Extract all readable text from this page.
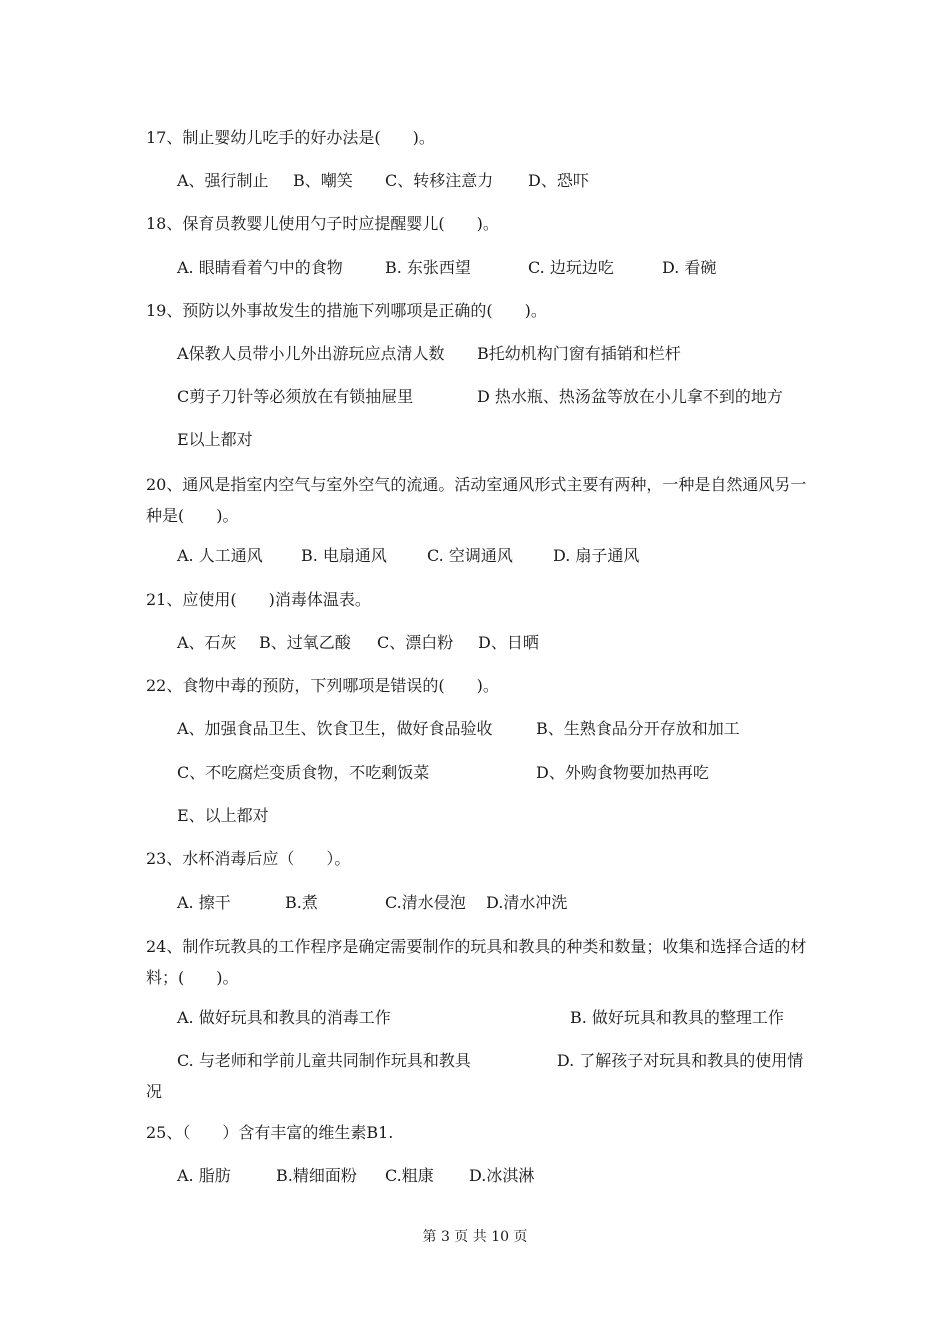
17、制止婴幼儿吃手的好办法是(　　)。
A、强行制止 B、嘲笑 C、转移注意力 D、恐吓
18、保育员教婴儿使用勺子时应提醒婴儿(　　)。
A. 眼睛看着勺中的食物	B. 东张西望	C. 边玩边吃	D. 看碗
19、预防以外事故发生的措施下列哪项是正确的(　　)。
A保教人员带小儿外出游玩应点清人数 B托幼机构门窗有插销和栏杆
C剪子刀针等必须放在有锁抽屉里	D 热水瓶、热汤盆等放在小儿拿不到的地方
E以上都对
20、通风是指室内空气与室外空气的流通。活动室通风形式主要有两种，一种是自然通风另一种是(　　)。
A. 人工通风 B. 电扇通风	C. 空调通风	D. 扇子通风
21、应使用(　　)消毒体温表。
A、石灰 B、过氧乙酸 C、漂白粉 D、日晒
22、食物中毒的预防，下列哪项是错误的(　　)。
A、加强食品卫生、饮食卫生，做好食品验收	B、生熟食品分开存放和加工
C、不吃腐烂变质食物，不吃剩饭菜	D、外购食物要加热再吃
E、以上都对
23、水杯消毒后应（　　）。
A. 擦干	B.煮	C.清水侵泡 D.清水冲洗
24、制作玩教具的工作程序是确定需要制作的玩具和教具的种类和数量；收集和选择合适的材料；(　　)。
A. 做好玩具和教具的消毒工作	B. 做好玩具和教具的整理工作
C. 与老师和学前儿童共同制作玩具和教具	D. 了解孩子对玩具和教具的使用情况
25、（　　）含有丰富的维生素B1.
A. 脂肪	B.精细面粉 C.粗康 D.冰淇淋
第 3 页 共 10 页
